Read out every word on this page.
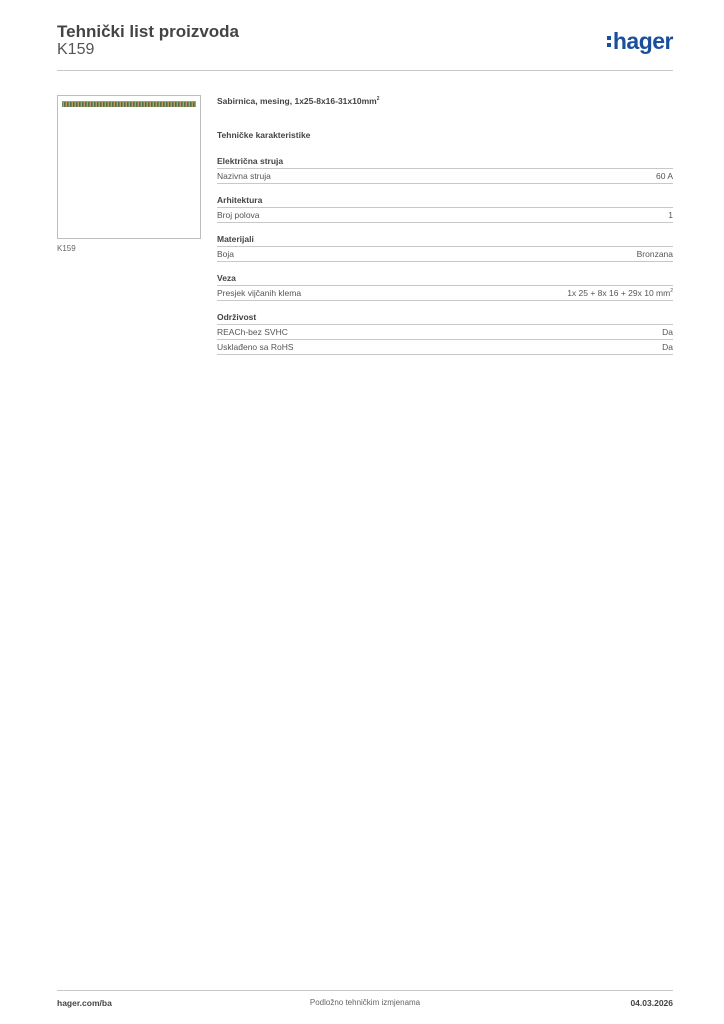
Tehnički list proizvoda
K159	hager
K159
Sabirnica, mesing, $1x25-8x16-31x10mm^2$
Tehničke karakteristike
Električna struja
Nazivna struja	60 A
Arhitektura
Broj polova	1
Materijali
Boja	Bronzana
Veza
Presjek vijčanih klema	1x 25 + 8x 16 + 29x 10 $mm^2$
Održivost
REACh-bez SVHC	Da
Usklađeno sa RoHS	Da
hager.com/ba	Podložno tehničkim izmjenama	04.03.2026
